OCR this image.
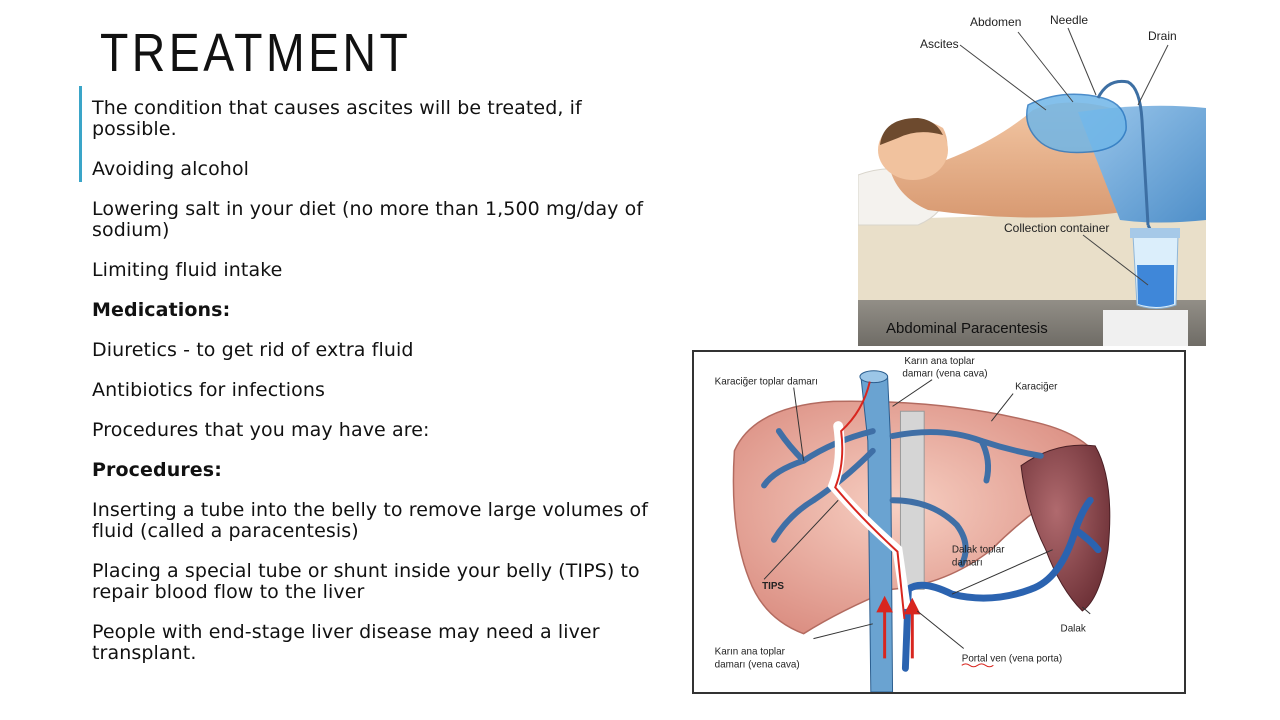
TREATMENT
The condition that causes ascites will be treated, if possible.
Avoiding alcohol
Lowering salt in your diet (no more than 1,500 mg/day of sodium)
Limiting fluid intake
Medications:
Diuretics - to get rid of extra fluid
Antibiotics for infections
Procedures that you may have are:
Procedures:
Inserting a tube into the belly to remove large volumes of fluid (called a paracentesis)
Placing a special tube or shunt inside your belly (TIPS) to repair blood flow to the liver
People with end-stage liver disease may need a liver transplant.
Ascites
Abdomen Needle
Drain
Collection container
Abdominal Paracentesis
Karaciğer toplar damarı
Karın ana toplar
damarı (vena cava)
Karaciğer
TIPS
Dalak toplar
damarı
Dalak
Karın ana toplar
damarı (vena cava)
Portal ven (vena porta)
